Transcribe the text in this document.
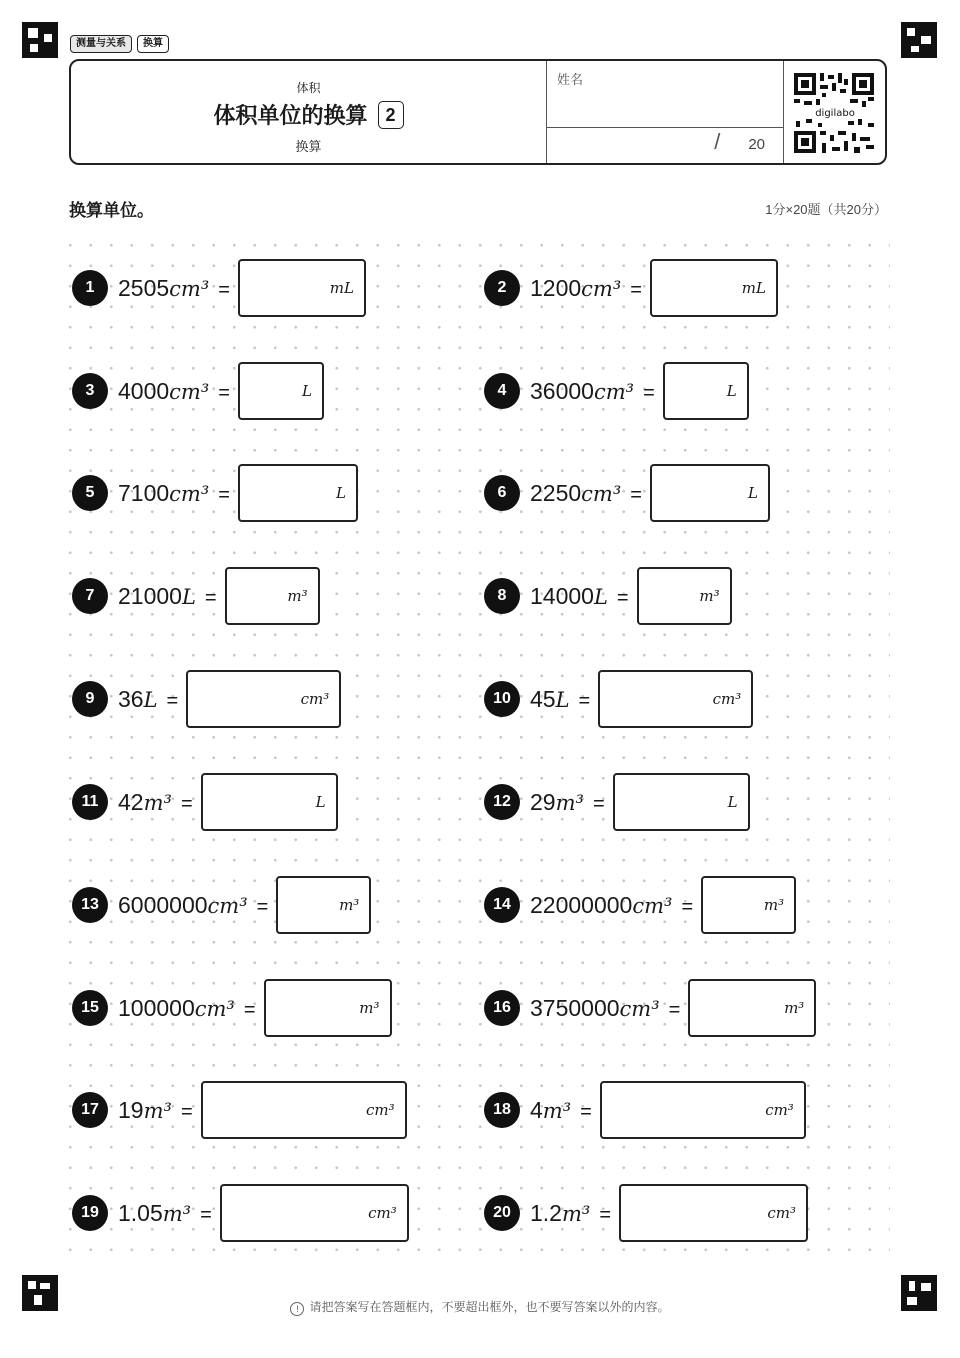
测量与关系	换算
体积
体积单位的换算 2
换算
姓名
/ 20
digilabo
换算单位。	1分×20题（共20分）
1	2505cm³ =	mL	2	1200cm³ =	mL
3	4000cm³ =	L	4	36000cm³ =	L
5	7100cm³ =	L	6	2250cm³ =	L
7	21000L =	m³	8	14000L =	m³
9	36L =	cm³	10 45L =	cm³
11 42m³ =	L	12 29m³ =	L
13 6000000cm³ =	m³	14 22000000cm³ =	m³
15 100000cm³ =	m³	16 3750000cm³ =	m³
17 19m³ =	cm³	18 4m³ =	cm³
19 1.05m³ =	cm³	20 1.2m³ =	cm³
! 请把答案写在答题框内，不要超出框外，也不要写答案以外的内容。
